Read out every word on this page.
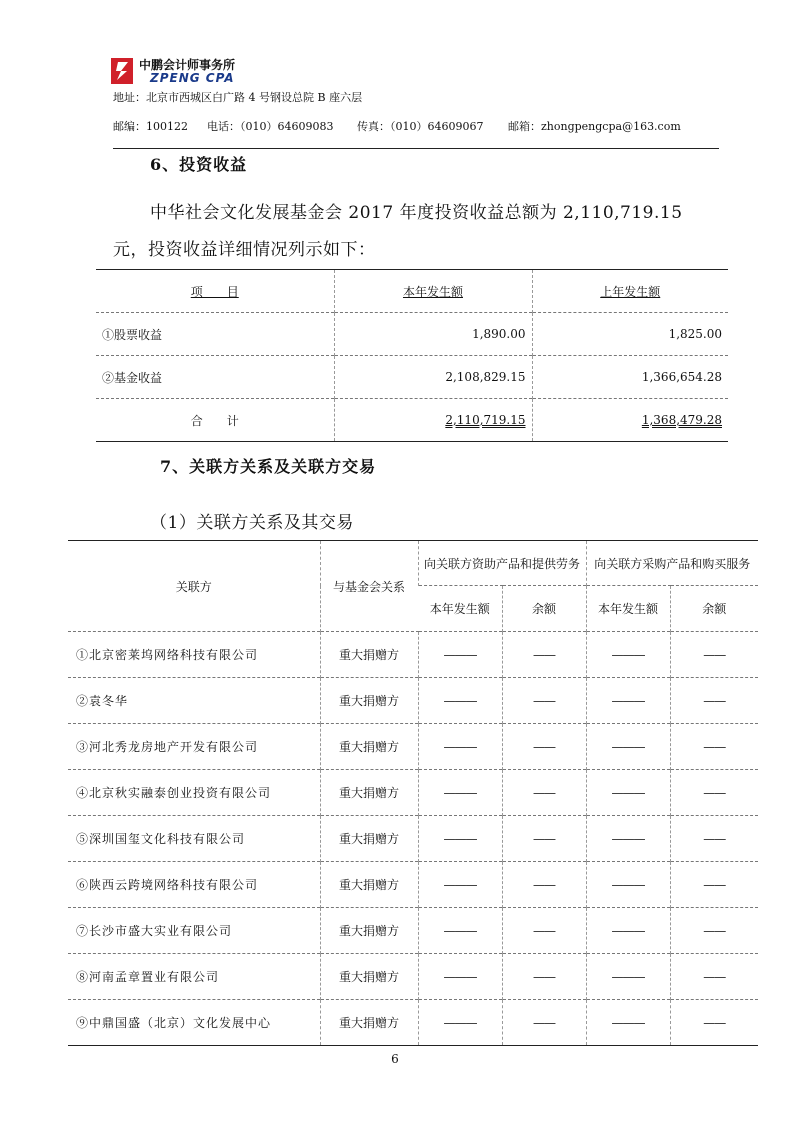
中鹏会计师事务所
ZPENG CPA
地址：北京市西城区白广路 4 号钢设总院 B 座六层
邮编：100122 电话：（010）64609083 传真：（010）64609067 邮箱：zhongpengcpa@163.com
6、投资收益
中华社会文化发展基金会 2017 年度投资收益总额为 2,110,719.15
元，投资收益详细情况列示如下：
项　　目	本年发生额	上年发生额
①股票收益	1,890.00	1,825.00
②基金收益	2,108,829.15	1,366,654.28
合　　计	2,110,719.15	1,368,479.28
7、关联方关系及关联方交易
（1）关联方关系及其交易
关联方	与基金会关系	向关联方资助产品和提供劳务		向关联方采购产品和购买服务	
		本年发生额	余额	本年发生额	余额
①北京密莱坞网络科技有限公司	重大捐赠方	———	——	———	——
②袁冬华	重大捐赠方	———	——	———	——
③河北秀龙房地产开发有限公司	重大捐赠方	———	——	———	——
④北京秋实融泰创业投资有限公司	重大捐赠方	———	——	———	——
⑤深圳国玺文化科技有限公司	重大捐赠方	———	——	———	——
⑥陕西云跨境网络科技有限公司	重大捐赠方	———	——	———	——
⑦长沙市盛大实业有限公司	重大捐赠方	———	——	———	——
⑧河南孟章置业有限公司	重大捐赠方	———	——	———	——
⑨中鼎国盛（北京）文化发展中心	重大捐赠方	———	——	———	——
6
